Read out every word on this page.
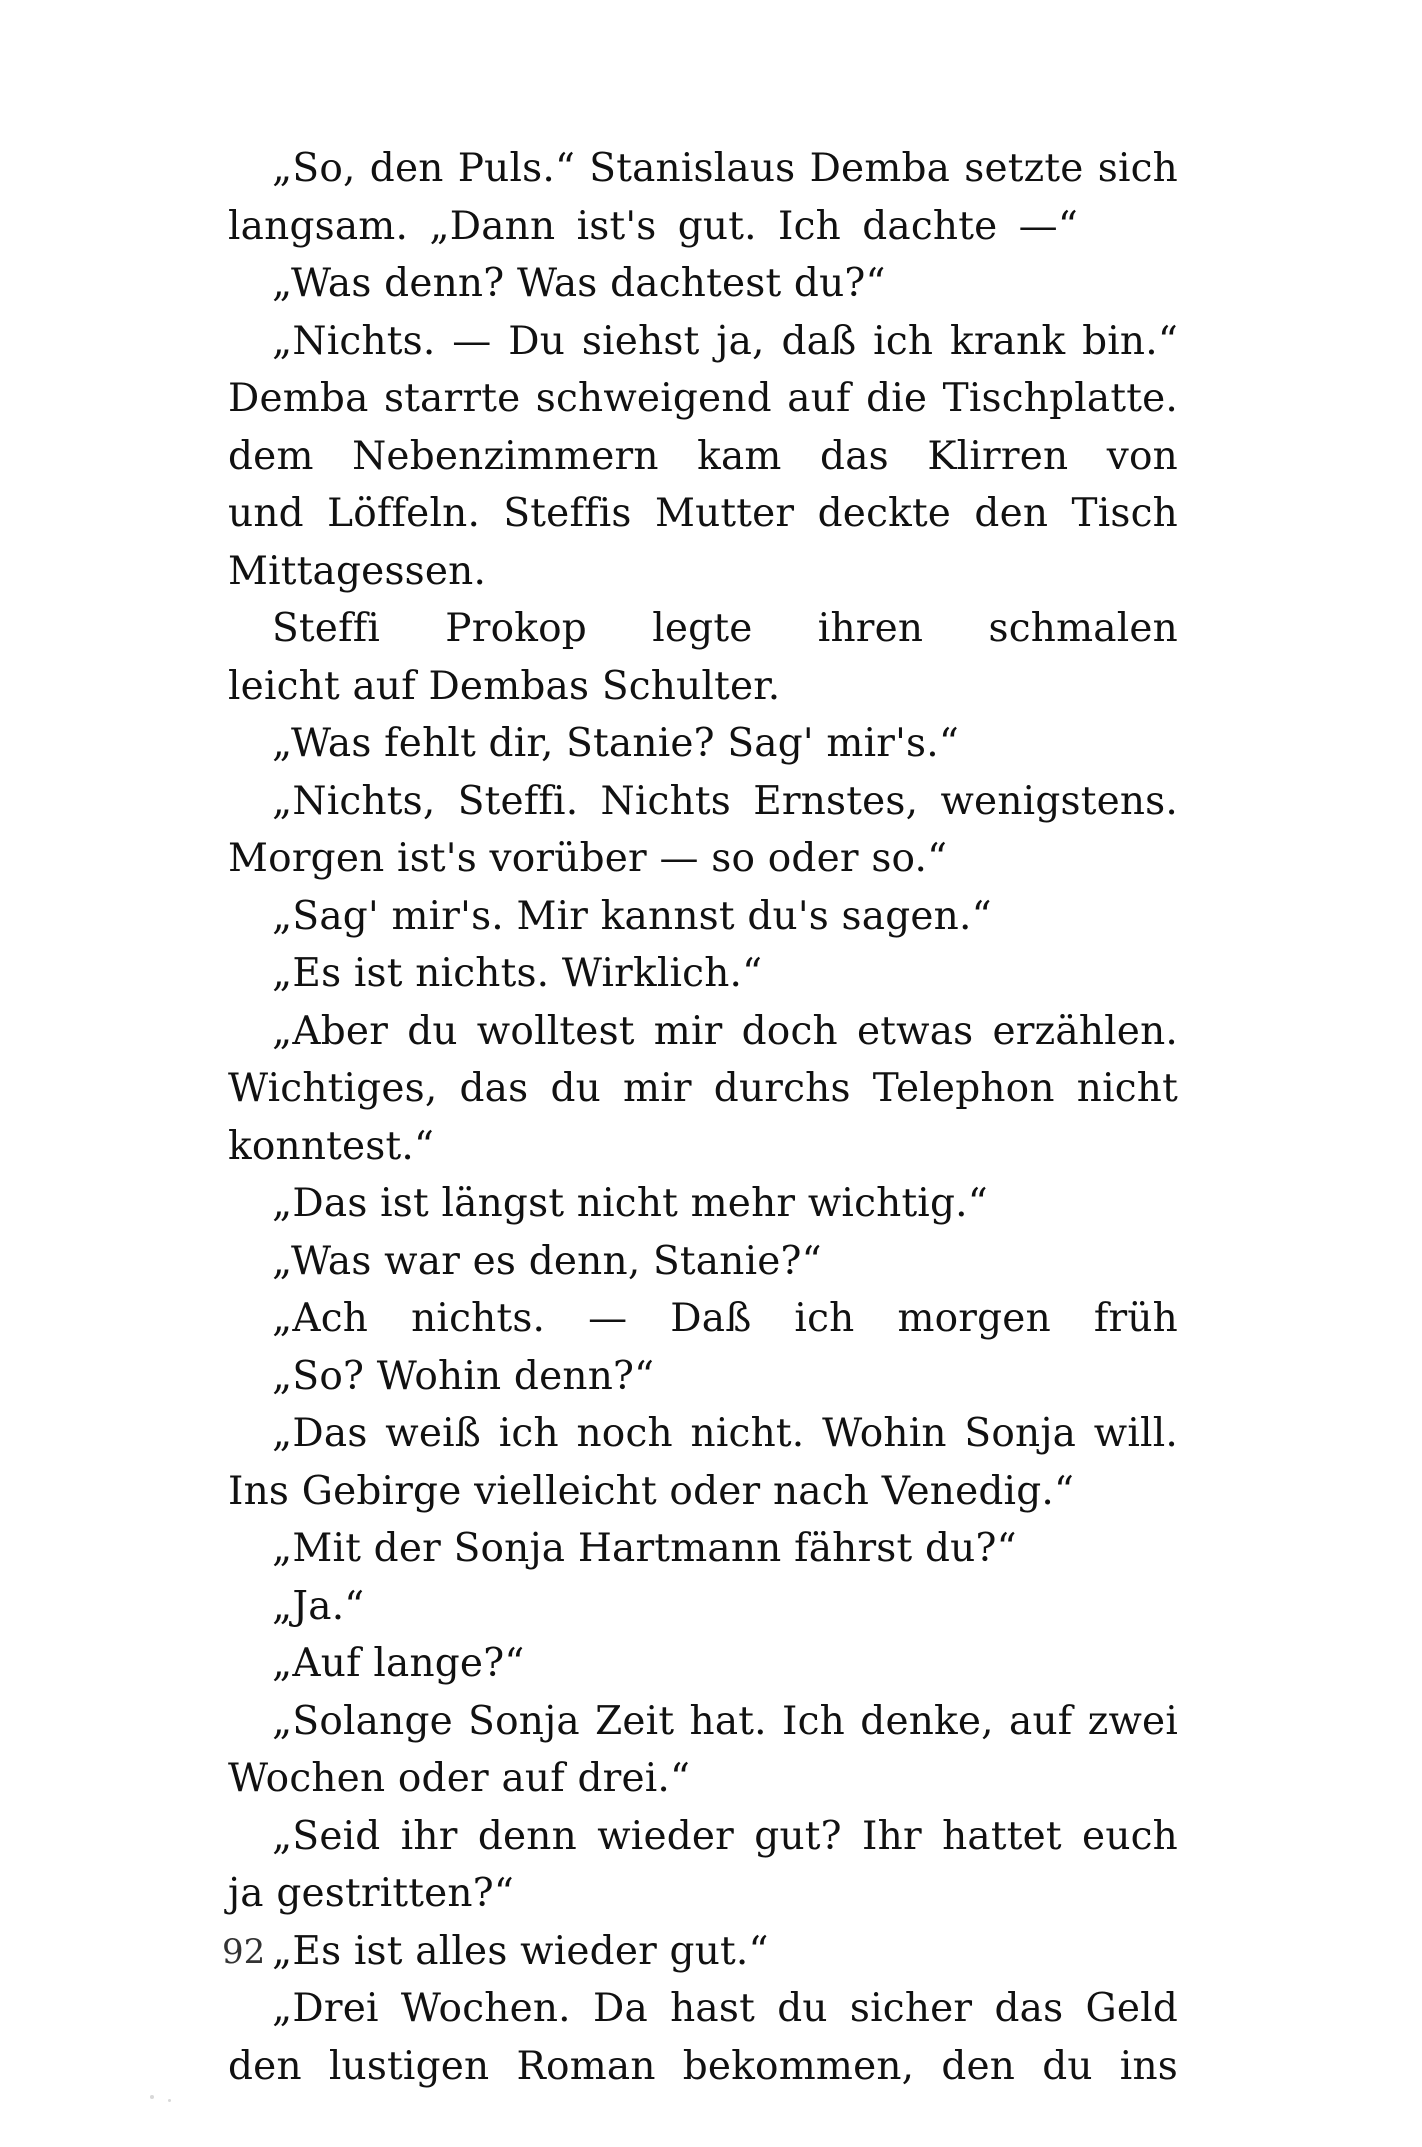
„So, den Puls.“ Stanislaus Demba setzte sich
langsam. „Dann ist's gut. Ich dachte —“
„Was denn? Was dachtest du?“
„Nichts. — Du siehst ja, daß ich krank bin.“
Demba starrte schweigend auf die Tischplatte.
dem Nebenzimmern kam das Klirren von
und Löffeln. Steffis Mutter deckte den Tisch
Mittagessen.
Steffi Prokop legte ihren schmalen
leicht auf Dembas Schulter.
„Was fehlt dir, Stanie? Sag' mir's.“
„Nichts, Steffi. Nichts Ernstes, wenigstens.
Morgen ist's vorüber — so oder so.“
„Sag' mir's. Mir kannst du's sagen.“
„Es ist nichts. Wirklich.“
„Aber du wolltest mir doch etwas erzählen.
Wichtiges, das du mir durchs Telephon nicht
konntest.“
„Das ist längst nicht mehr wichtig.“
„Was war es denn, Stanie?“
„Ach nichts. — Daß ich morgen früh
„So? Wohin denn?“
„Das weiß ich noch nicht. Wohin Sonja will.
Ins Gebirge vielleicht oder nach Venedig.“
„Mit der Sonja Hartmann fährst du?“
„Ja.“
„Auf lange?“
„Solange Sonja Zeit hat. Ich denke, auf zwei
Wochen oder auf drei.“
„Seid ihr denn wieder gut? Ihr hattet euch
ja gestritten?“
„Es ist alles wieder gut.“
„Drei Wochen. Da hast du sicher das Geld
den lustigen Roman bekommen, den du ins
92
